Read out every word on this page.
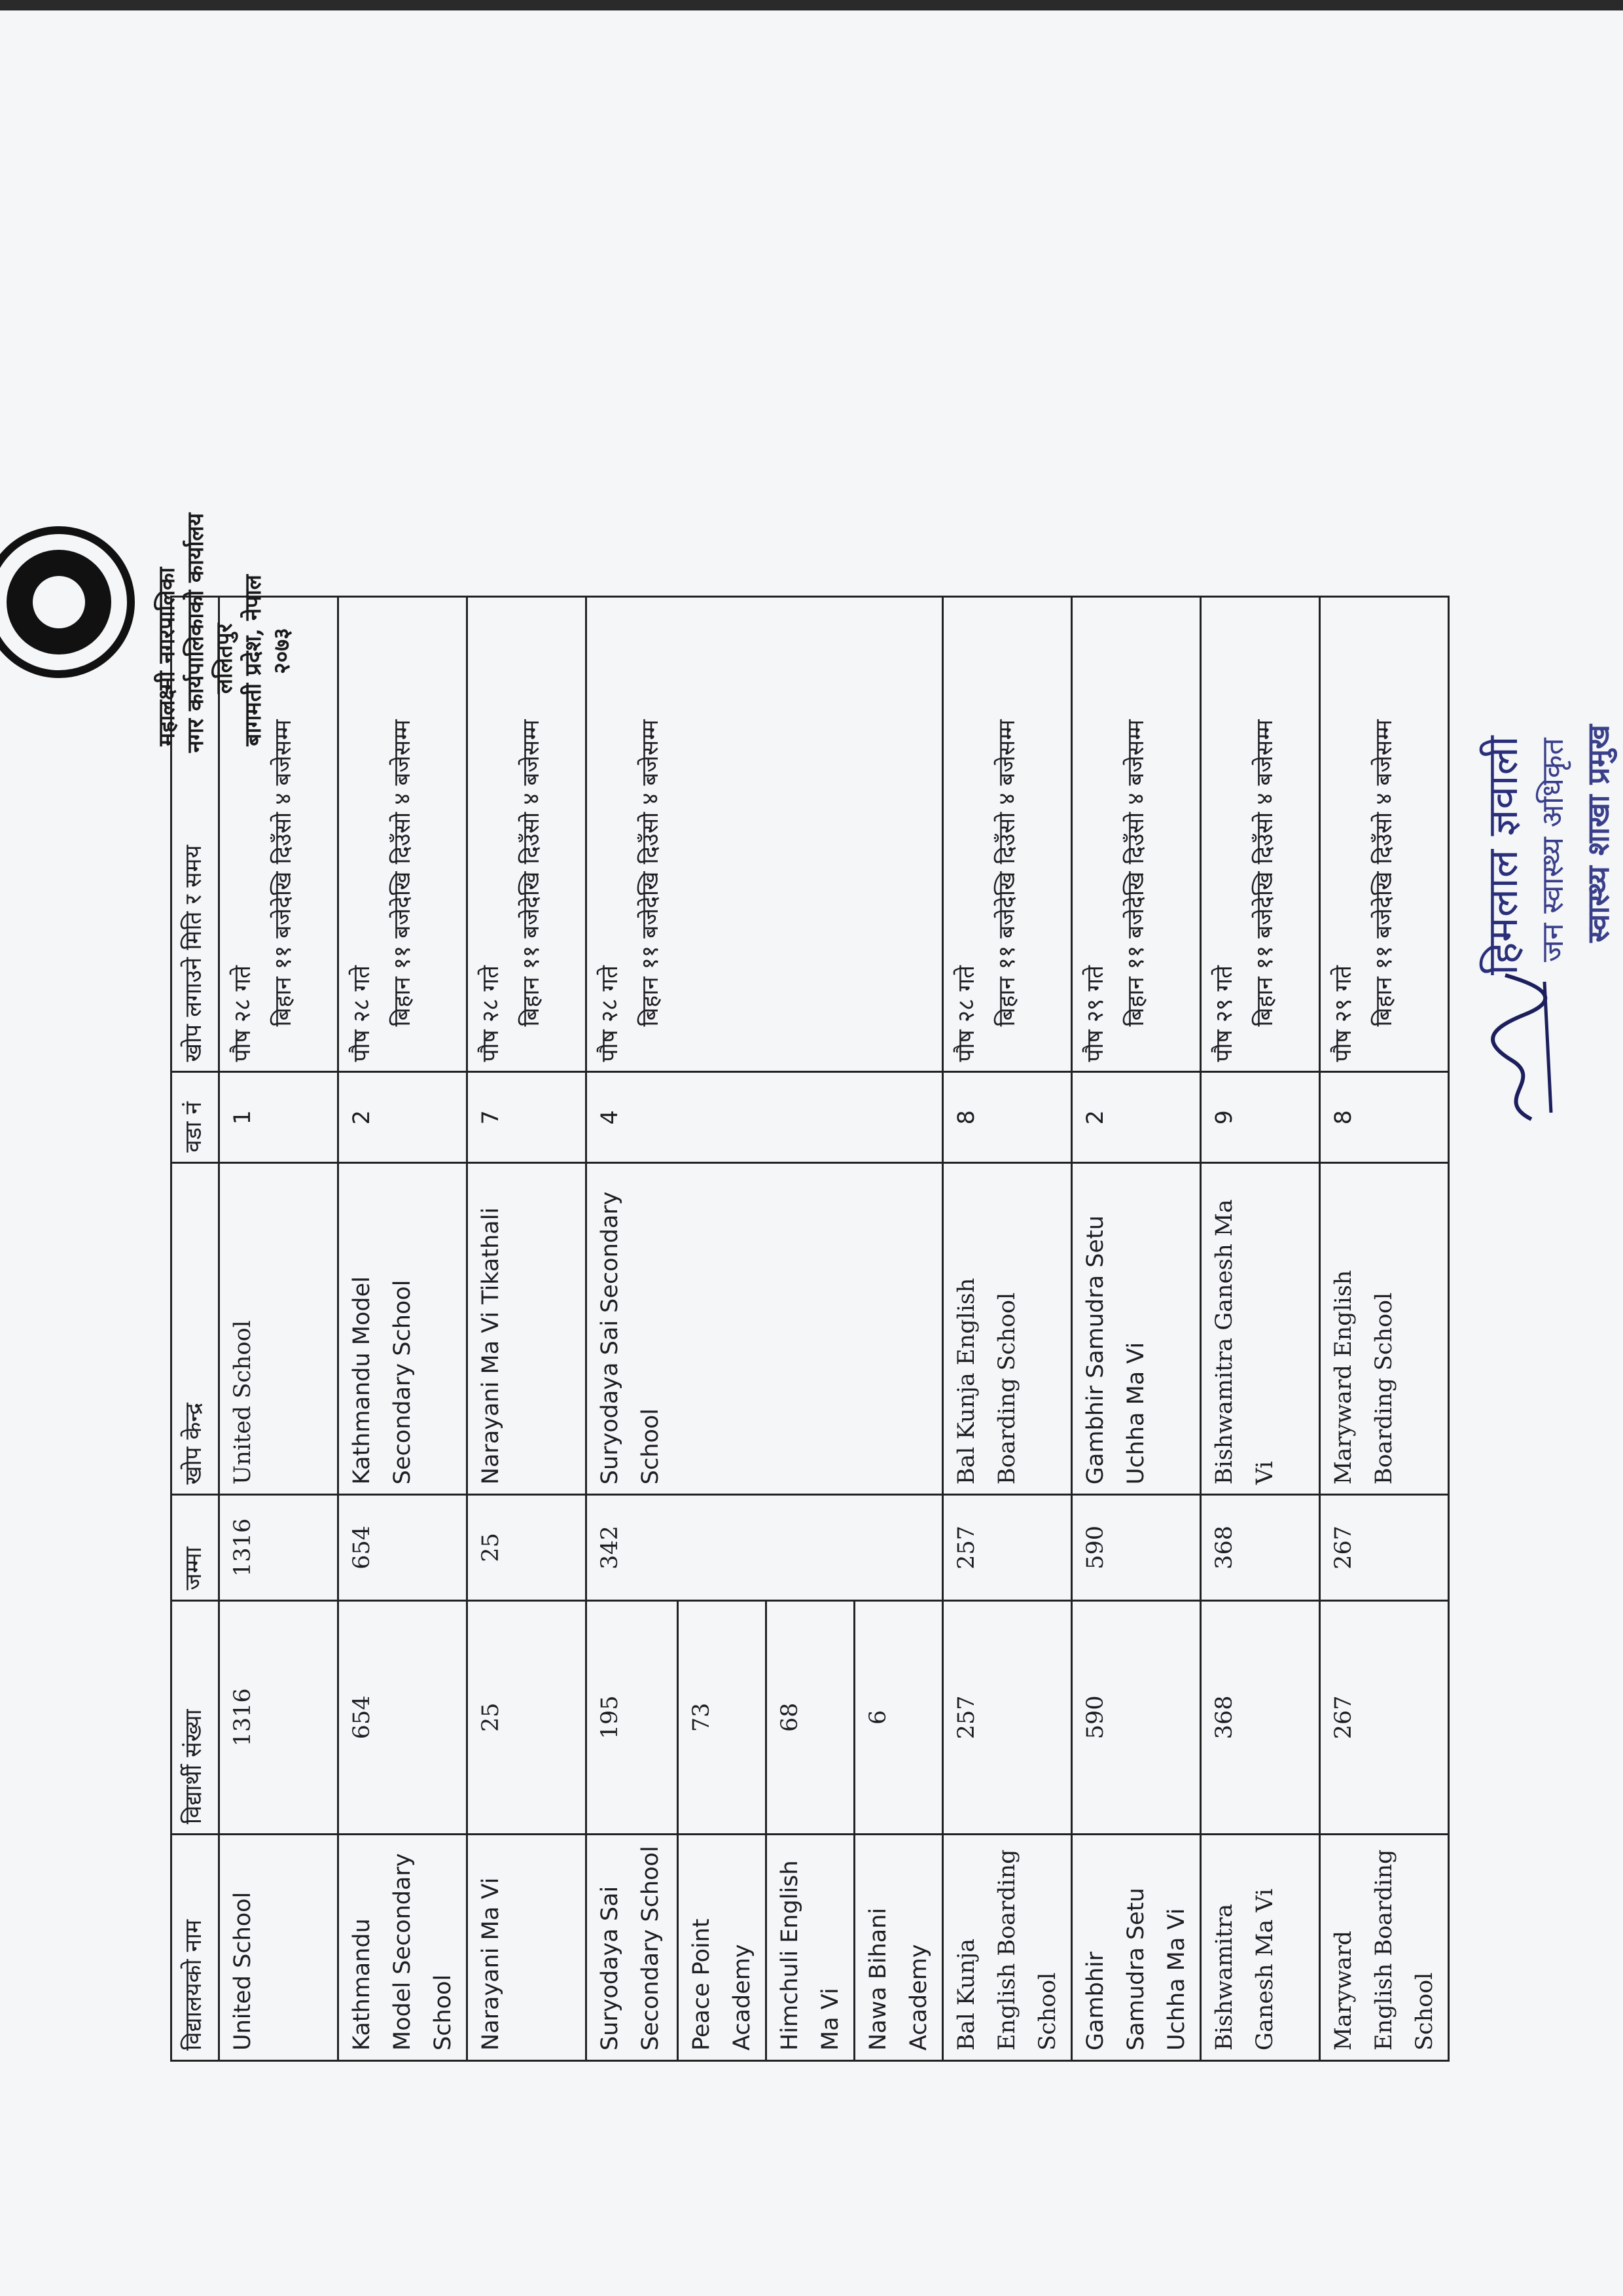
विद्यालयको नाम	विद्यार्थी संख्या	जम्मा	खोप केन्द्र	वडा नं	खोप लगाउने मिति र समय
United School	1316	1316	United School	1	पौष २८ गते बिहान ११ बजेदेखि दिउँसो ४ बजेसम्म

Kathmandu Model Secondary School	654	654	Kathmandu Model Secondary School	2	पौष २८ गते बिहान ११ बजेदेखि दिउँसो ४ बजेसम्म

Narayani Ma Vi	25	25	Narayani Ma Vi Tikathali	7	पौष २८ गते बिहान ११ बजेदेखि दिउँसो ४ बजेसम्म

Suryodaya Sai Secondary School	195	342	Suryodaya Sai Secondary School	4	पौष २८ गते बिहान ११ बजेदेखि दिउँसो ४ बजेसम्म

Peace Point Academy	73				
Himchuli English Ma Vi	68				
Nawa Bihani Academy	6				
Bal Kunja English Boarding School	257	257	Bal Kunja English Boarding School	8	पौष २८ गते बिहान ११ बजेदेखि दिउँसो ४ बजेसम्म

Gambhir Samudra Setu Uchha Ma Vi	590	590	Gambhir Samudra Setu Uchha Ma Vi	2	पौष २९ गते बिहान ११ बजेदेखि दिउँसो ४ बजेसम्म

Bishwamitra Ganesh Ma Vi	368	368	Bishwamitra Ganesh Ma Vi	9	पौष २९ गते बिहान ११ बजेदेखि दिउँसो ४ बजेसम्म

Maryward English Boarding School	267	267	Maryward English Boarding School	8	पौष २९ गते बिहान ११ बजेदेखि दिउँसो ४ बजेसम्म
महालक्ष्मी नगरपालिका नगर कार्यपालिकाको कार्यालय ललितपुर बागमती प्रदेश, नेपाल २०७३
हिमलाल ज्ञवाली जन स्वास्थ्य अधिकृत स्वास्थ्य शाखा प्रमुख
